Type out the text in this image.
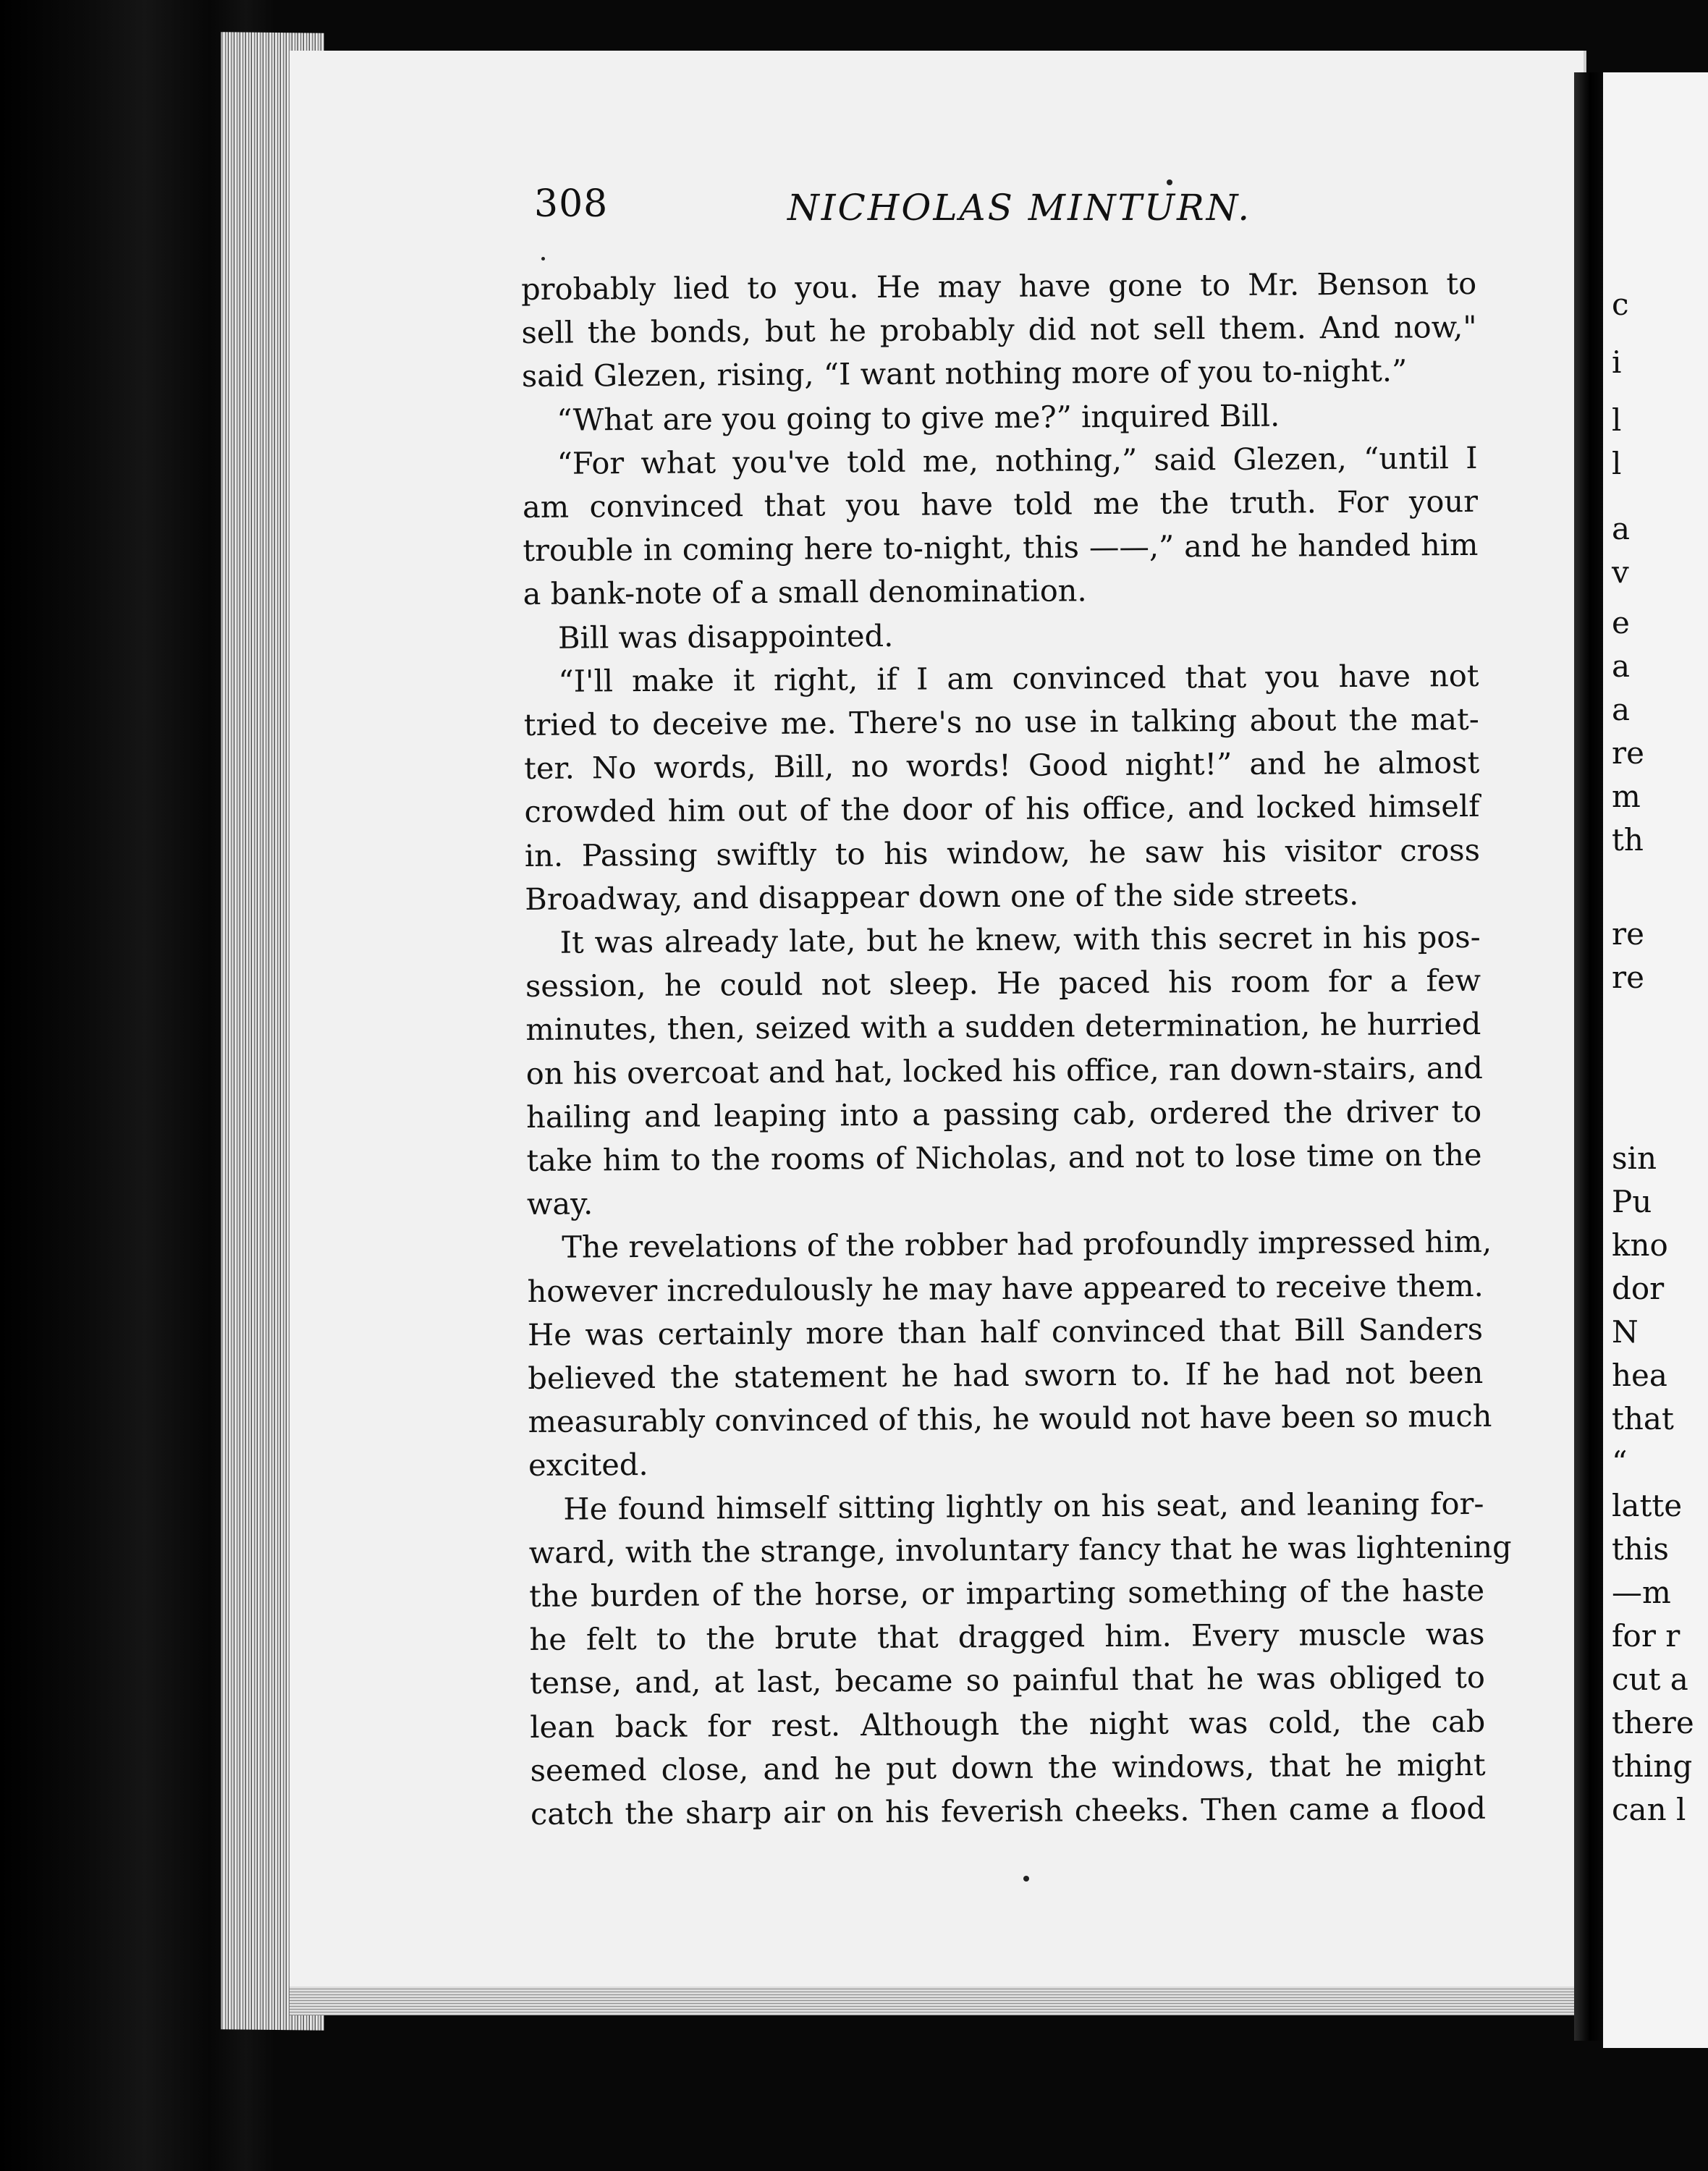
c
i
l
l
a
v
e
a
a
re
m
th
re
re
sin
Pu
kno
dor
N
hea
that
“
latte
this
—m
for r
cut a
there
thing
can l
308	NICHOLAS MINTURN.
probably lied to you. He may have gone to Mr. Benson to
sell the bonds, but he probably did not sell them. And now,"
said Glezen, rising, “I want nothing more of you to-night.”
“What are you going to give me?” inquired Bill.
“For what you've told me, nothing,” said Glezen, “until I
am convinced that you have told me the truth. For your
trouble in coming here to-night, this ——,” and he handed him
a bank-note of a small denomination.
Bill was disappointed.
“I'll make it right, if I am convinced that you have not
tried to deceive me. There's no use in talking about the mat-
ter. No words, Bill, no words! Good night!” and he almost
crowded him out of the door of his office, and locked himself
in. Passing swiftly to his window, he saw his visitor cross
Broadway, and disappear down one of the side streets.
It was already late, but he knew, with this secret in his pos-
session, he could not sleep. He paced his room for a few
minutes, then, seized with a sudden determination, he hurried
on his overcoat and hat, locked his office, ran down-stairs, and
hailing and leaping into a passing cab, ordered the driver to
take him to the rooms of Nicholas, and not to lose time on the
way.
The revelations of the robber had profoundly impressed him,
however incredulously he may have appeared to receive them.
He was certainly more than half convinced that Bill Sanders
believed the statement he had sworn to. If he had not been
measurably convinced of this, he would not have been so much
excited.
He found himself sitting lightly on his seat, and leaning for-
ward, with the strange, involuntary fancy that he was lightening
the burden of the horse, or imparting something of the haste
he felt to the brute that dragged him. Every muscle was
tense, and, at last, became so painful that he was obliged to
lean back for rest. Although the night was cold, the cab
seemed close, and he put down the windows, that he might
catch the sharp air on his feverish cheeks. Then came a flood
